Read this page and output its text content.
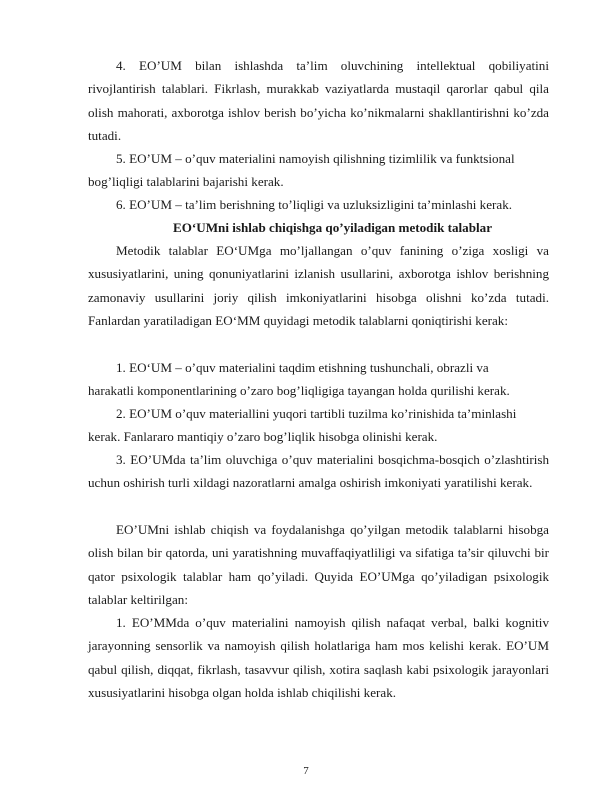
4. EO’UM bilan ishlashda ta’lim oluvchining intellektual qobiliyatini rivojlantirish talablari. Fikrlash, murakkab vaziyatlarda mustaqil qarorlar qabul qila olish mahorati, axborotga ishlov berish bo’yicha ko’nikmalarni shakllantirishni ko’zda tutadi.

5. EO’UM – o’quv materialini namoyish qilishning tizimlilik va funktsional

bog’liqligi talablarini bajarishi kerak.

6. EO’UM – ta’lim berishning to’liqligi va uzluksizligini ta’minlashi kerak.

EO‘UMni ishlab chiqishga qo’yiladigan metodik talablar

Metodik talablar EO‘UMga mo’ljallangan o’quv fanining o’ziga xosligi va xususiyatlarini, uning qonuniyatlarini izlanish usullarini, axborotga ishlov berishning zamonaviy usullarini joriy qilish imkoniyatlarini hisobga olishni ko’zda tutadi. Fanlardan yaratiladigan EO‘MM quyidagi metodik talablarni qoniqtirishi kerak:

1. EO‘UM – o’quv materialini taqdim etishning tushunchali, obrazli va

harakatli komponentlarining o’zaro bog’liqligiga tayangan holda qurilishi kerak.

2. EO’UM o’quv materiallini yuqori tartibli tuzilma ko’rinishida ta’minlashi

kerak. Fanlararo mantiqiy o’zaro bog’liqlik hisobga olinishi kerak.

3. EO’UMda ta’lim oluvchiga o’quv materialini bosqichma-bosqich o’zlashtirish uchun oshirish turli xildagi nazoratlarni amalga oshirish imkoniyati yaratilishi kerak.

EO’UMni ishlab chiqish va foydalanishga qo’yilgan metodik talablarni hisobga olish bilan bir qatorda, uni yaratishning muvaffaqiyatliligi va sifatiga ta’sir qiluvchi bir qator psixologik talablar ham qo’yiladi. Quyida EO’UMga qo’yiladigan psixologik talablar keltirilgan:

1. EO’MMda o’quv materialini namoyish qilish nafaqat verbal, balki kognitiv jarayonning sensorlik va namoyish qilish holatlariga ham mos kelishi kerak. EO’UM qabul qilish, diqqat, fikrlash, tasavvur qilish, xotira saqlash kabi psixologik jarayonlari xususiyatlarini hisobga olgan holda ishlab chiqilishi kerak.

7
